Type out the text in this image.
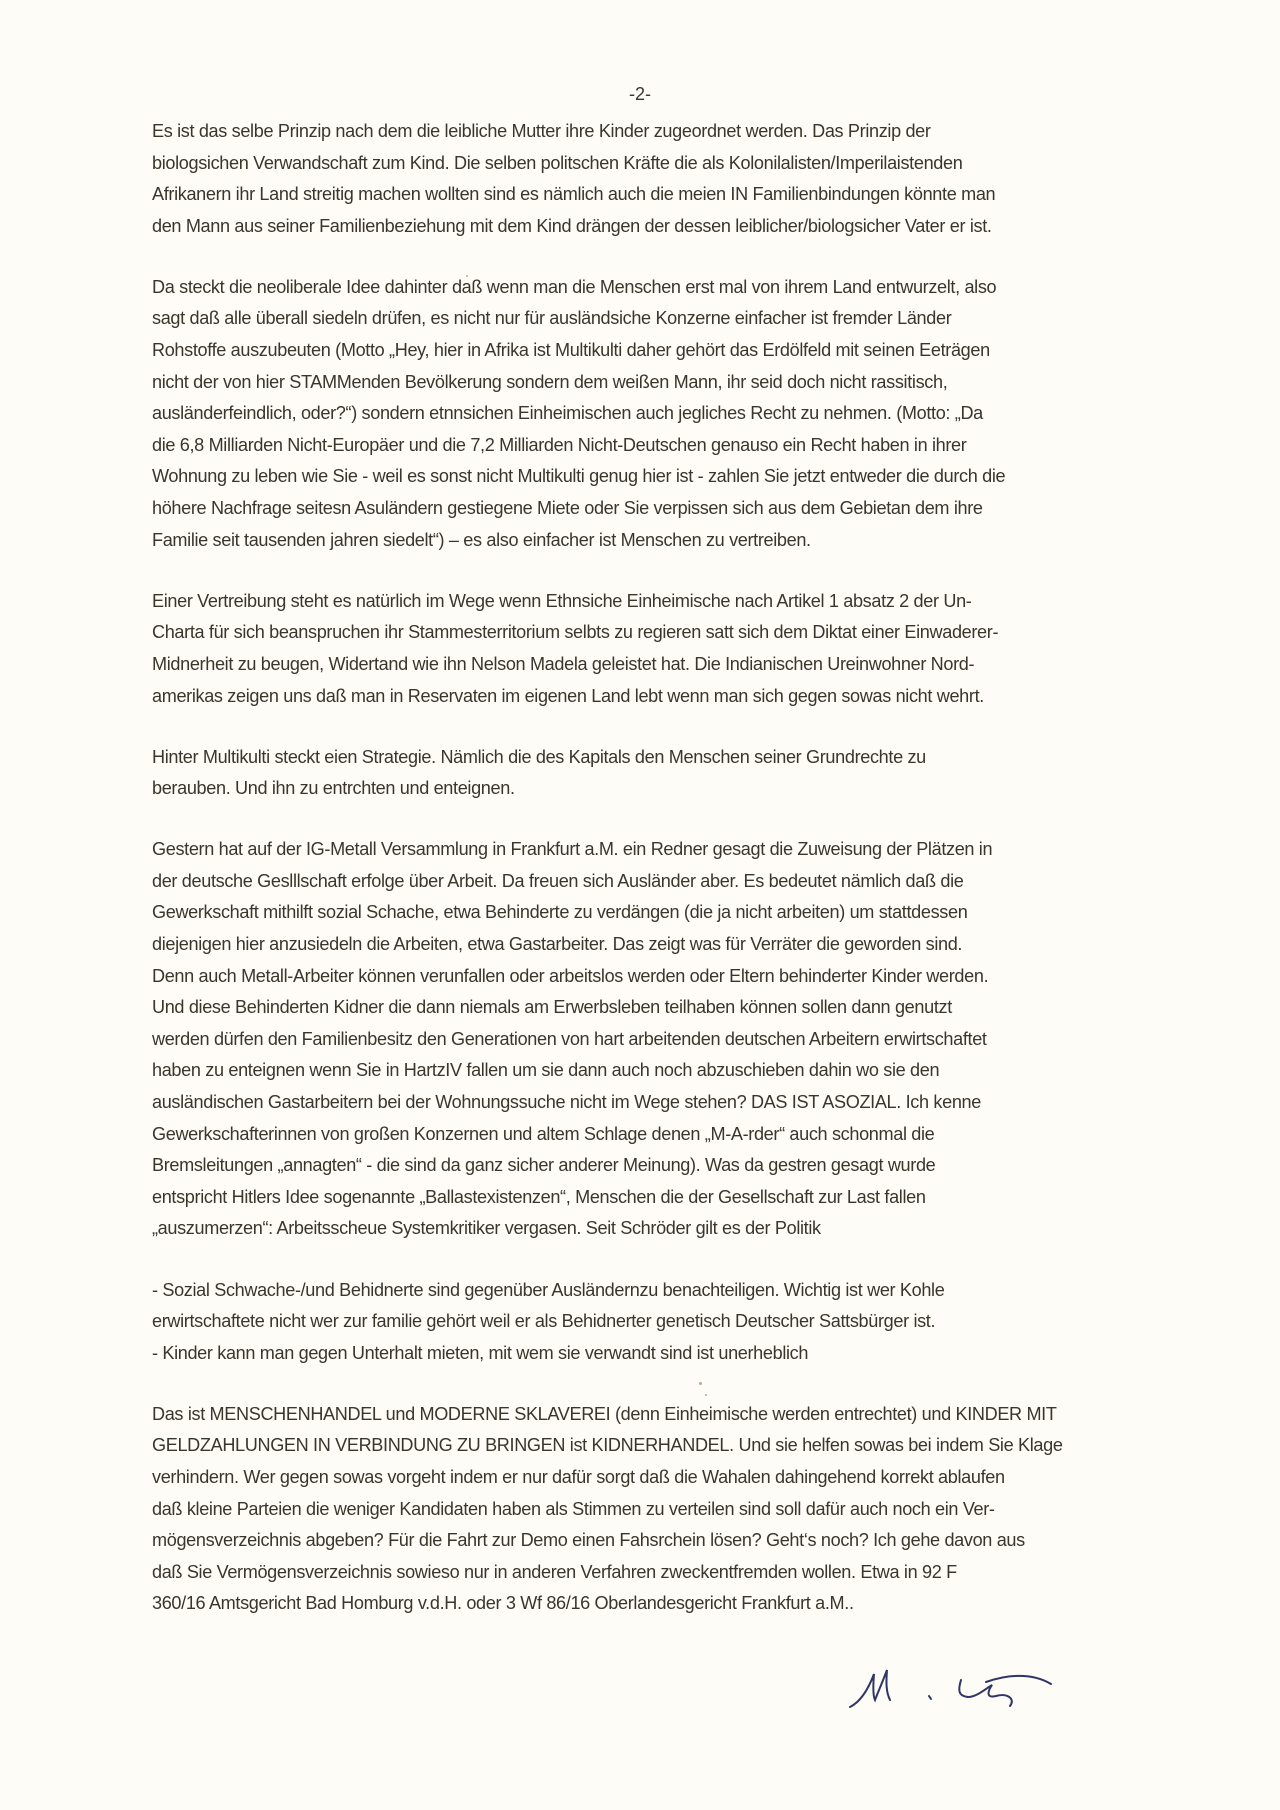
-2-
Es ist das selbe Prinzip nach dem die leibliche Mutter ihre Kinder zugeordnet werden. Das Prinzip der
biologsichen Verwandschaft zum Kind. Die selben politschen Kräfte die als Kolonilalisten/Imperilaistenden
Afrikanern ihr Land streitig machen wollten sind es nämlich auch die meien IN Familienbindungen könnte man
den Mann aus seiner Familienbeziehung mit dem Kind drängen der dessen leiblicher/biologsicher Vater er ist.
Da steckt die neoliberale Idee dahinter daß wenn man die Menschen erst mal von ihrem Land entwurzelt, also
sagt daß alle überall siedeln drüfen, es nicht nur für ausländsiche Konzerne einfacher ist fremder Länder
Rohstoffe auszubeuten (Motto „Hey, hier in Afrika ist Multikulti daher gehört das Erdölfeld mit seinen Eeträgen
nicht der von hier STAMMenden Bevölkerung sondern dem weißen Mann, ihr seid doch nicht rassitisch,
ausländerfeindlich, oder?“) sondern etnnsichen Einheimischen auch jegliches Recht zu nehmen. (Motto: „Da
die 6,8 Milliarden Nicht-Europäer und die 7,2 Milliarden Nicht-Deutschen genauso ein Recht haben in ihrer
Wohnung zu leben wie Sie - weil es sonst nicht Multikulti genug hier ist - zahlen Sie jetzt entweder die durch die
höhere Nachfrage seitesn Asuländern gestiegene Miete oder Sie verpissen sich aus dem Gebietan dem ihre
Familie seit tausenden jahren siedelt“) – es also einfacher ist Menschen zu vertreiben.
Einer Vertreibung steht es natürlich im Wege wenn Ethnsiche Einheimische nach Artikel 1 absatz 2 der Un-
Charta für sich beanspruchen ihr Stammesterritorium selbts zu regieren satt sich dem Diktat einer Einwaderer-
Midnerheit zu beugen, Widertand wie ihn Nelson Madela geleistet hat. Die Indianischen Ureinwohner Nord-
amerikas zeigen uns daß man in Reservaten im eigenen Land lebt wenn man sich gegen sowas nicht wehrt.
Hinter Multikulti steckt eien Strategie. Nämlich die des Kapitals den Menschen seiner Grundrechte zu
berauben. Und ihn zu entrchten und enteignen.
Gestern hat auf der IG-Metall Versammlung in Frankfurt a.M. ein Redner gesagt die Zuweisung der Plätzen in
der deutsche Geslllschaft erfolge über Arbeit. Da freuen sich Ausländer aber. Es bedeutet nämlich daß die
Gewerkschaft mithilft sozial Schache, etwa Behinderte zu verdängen (die ja nicht arbeiten) um stattdessen
diejenigen hier anzusiedeln die Arbeiten, etwa Gastarbeiter. Das zeigt was für Verräter die geworden sind.
Denn auch Metall-Arbeiter können verunfallen oder arbeitslos werden oder Eltern behinderter Kinder werden.
Und diese Behinderten Kidner die dann niemals am Erwerbsleben teilhaben können sollen dann genutzt
werden dürfen den Familienbesitz den Generationen von hart arbeitenden deutschen Arbeitern erwirtschaftet
haben zu enteignen wenn Sie in HartzIV fallen um sie dann auch noch abzuschieben dahin wo sie den
ausländischen Gastarbeitern bei der Wohnungssuche nicht im Wege stehen? DAS IST ASOZIAL. Ich kenne
Gewerkschafterinnen von großen Konzernen und altem Schlage denen „M-A-rder“ auch schonmal die
Bremsleitungen „annagten“ - die sind da ganz sicher anderer Meinung). Was da gestren gesagt wurde
entspricht Hitlers Idee sogenannte „Ballastexistenzen“, Menschen die der Gesellschaft zur Last fallen
„auszumerzen“: Arbeitsscheue Systemkritiker vergasen. Seit Schröder gilt es der Politik
- Sozial Schwache-/und Behidnerte sind gegenüber Ausländernzu benachteiligen. Wichtig ist wer Kohle
erwirtschaftete nicht wer zur familie gehört weil er als Behidnerter genetisch Deutscher Sattsbürger ist.
- Kinder kann man gegen Unterhalt mieten, mit wem sie verwandt sind ist unerheblich
Das ist MENSCHENHANDEL und MODERNE SKLAVEREI (denn Einheimische werden entrechtet) und KINDER MIT
GELDZAHLUNGEN IN VERBINDUNG ZU BRINGEN ist KIDNERHANDEL. Und sie helfen sowas bei indem Sie Klage
verhindern. Wer gegen sowas vorgeht indem er nur dafür sorgt daß die Wahalen dahingehend korrekt ablaufen
daß kleine Parteien die weniger Kandidaten haben als Stimmen zu verteilen sind soll dafür auch noch ein Ver-
mögensverzeichnis abgeben? Für die Fahrt zur Demo einen Fahsrchein lösen? Geht‘s noch? Ich gehe davon aus
daß Sie Vermögensverzeichnis sowieso nur in anderen Verfahren zweckentfremden wollen. Etwa in 92 F
360/16 Amtsgericht Bad Homburg v.d.H. oder 3 Wf 86/16 Oberlandesgericht Frankfurt a.M..
